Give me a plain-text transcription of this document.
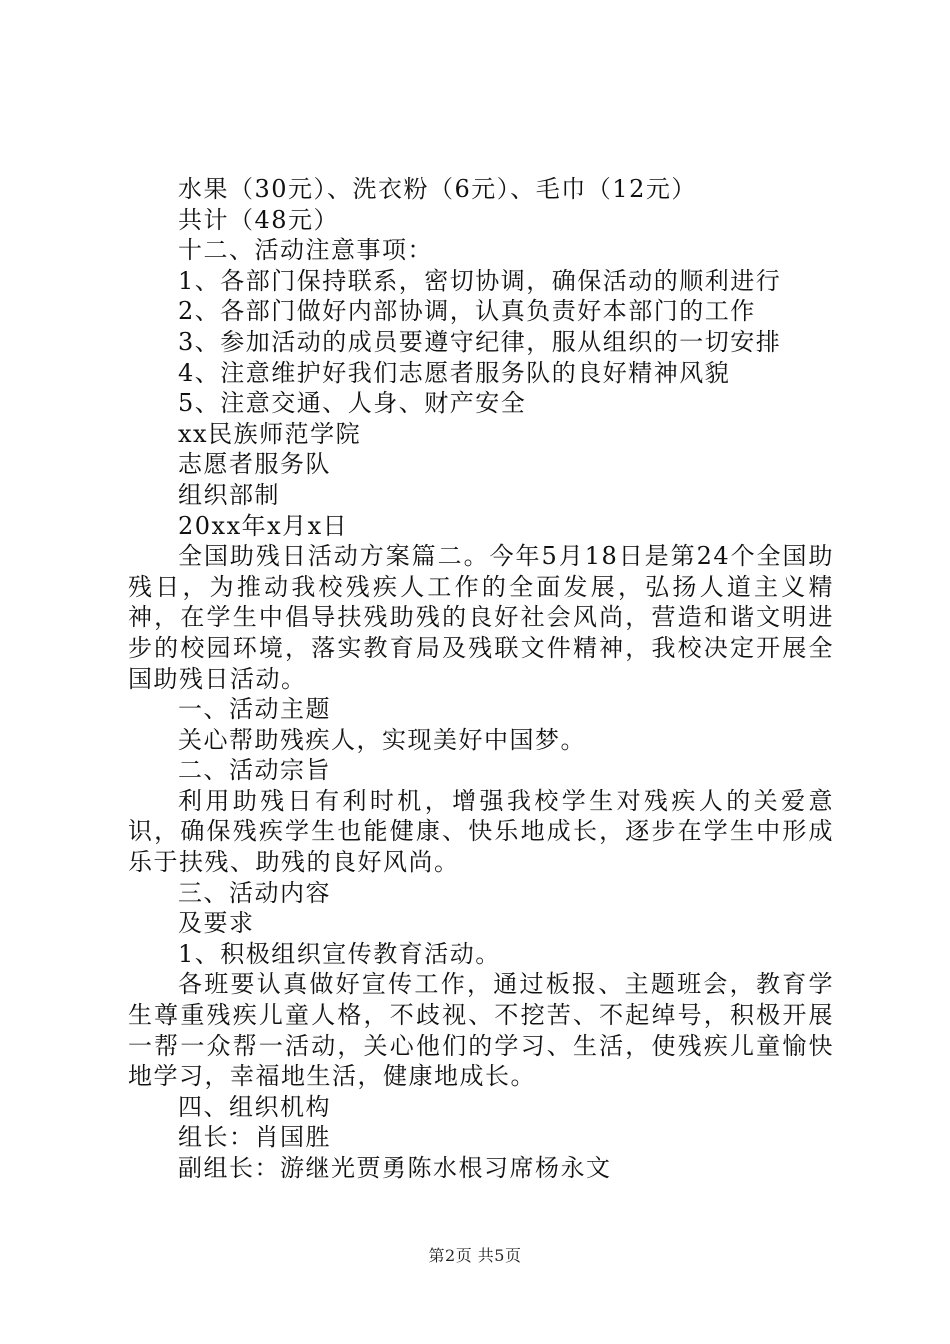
水果（30元）、洗衣粉（6元）、毛巾（12元）

共计（48元）

十二、活动注意事项：

1、各部门保持联系，密切协调，确保活动的顺利进行

2、各部门做好内部协调，认真负责好本部门的工作

3、参加活动的成员要遵守纪律，服从组织的一切安排

4、注意维护好我们志愿者服务队的良好精神风貌

5、注意交通、人身、财产安全

xx民族师范学院

志愿者服务队

组织部制

20xx年x月x日

全国助残日活动方案篇二。今年5月18日是第24个全国助残日，为推动我校残疾人工作的全面发展，弘扬人道主义精神，在学生中倡导扶残助残的良好社会风尚，营造和谐文明进步的校园环境，落实教育局及残联文件精神，我校决定开展全国助残日活动。

一、活动主题

关心帮助残疾人，实现美好中国梦。

二、活动宗旨

利用助残日有利时机，增强我校学生对残疾人的关爱意识，确保残疾学生也能健康、快乐地成长，逐步在学生中形成乐于扶残、助残的良好风尚。

三、活动内容

及要求

1、积极组织宣传教育活动。

各班要认真做好宣传工作，通过板报、主题班会，教育学生尊重残疾儿童人格，不歧视、不挖苦、不起绰号，积极开展一帮一众帮一活动，关心他们的学习、生活，使残疾儿童愉快地学习，幸福地生活，健康地成长。

四、组织机构

组长：肖国胜

副组长：游继光贾勇陈水根习席杨永文

第2页 共5页
